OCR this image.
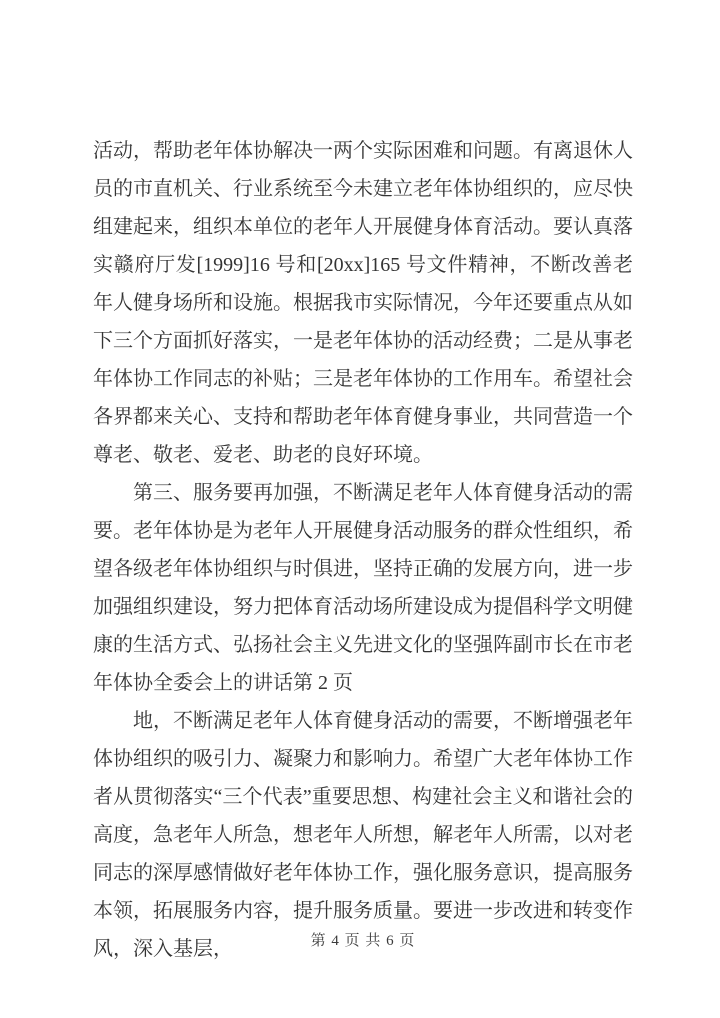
活动，帮助老年体协解决一两个实际困难和问题。有离退休人员的市直机关、行业系统至今未建立老年体协组织的，应尽快组建起来，组织本单位的老年人开展健身体育活动。要认真落实赣府厅发[1999]16 号和[20xx]165 号文件精神，不断改善老年人健身场所和设施。根据我市实际情况，今年还要重点从如下三个方面抓好落实，一是老年体协的活动经费；二是从事老年体协工作同志的补贴；三是老年体协的工作用车。希望社会各界都来关心、支持和帮助老年体育健身事业，共同营造一个尊老、敬老、爱老、助老的良好环境。

第三、服务要再加强，不断满足老年人体育健身活动的需要。老年体协是为老年人开展健身活动服务的群众性组织，希望各级老年体协组织与时俱进，坚持正确的发展方向，进一步加强组织建设，努力把体育活动场所建设成为提倡科学文明健康的生活方式、弘扬社会主义先进文化的坚强阵副市长在市老年体协全委会上的讲话第 2 页

地，不断满足老年人体育健身活动的需要，不断增强老年体协组织的吸引力、凝聚力和影响力。希望广大老年体协工作者从贯彻落实“三个代表”重要思想、构建社会主义和谐社会的高度，急老年人所急，想老年人所想，解老年人所需，以对老同志的深厚感情做好老年体协工作，强化服务意识，提高服务本领，拓展服务内容，提升服务质量。要进一步改进和转变作风，深入基层，	第 4 页 共 6 页
